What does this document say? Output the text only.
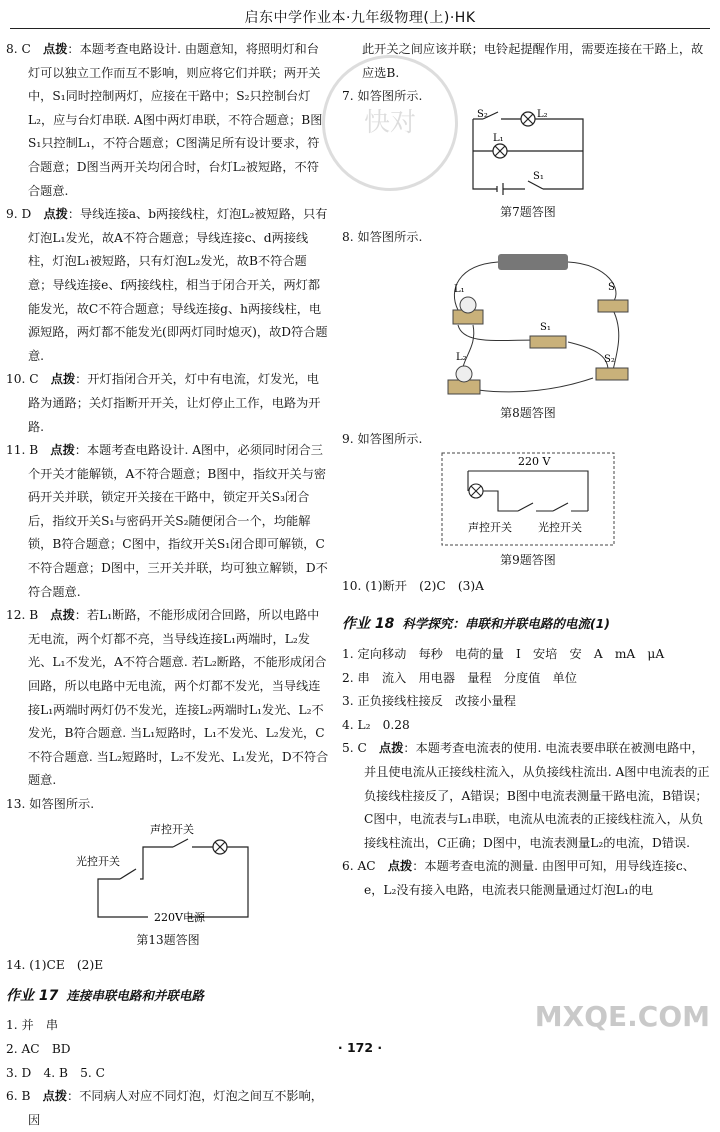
启东中学作业本·九年级物理(上)·HK
快对

8. C　点拨：本题考查电路设计. 由题意知，将照明灯和台灯可以独立工作而互不影响，则应将它们并联；两开关中，S₁同时控制两灯，应接在干路中；S₂只控制台灯L₂，应与台灯串联. A图中两灯串联，不符合题意；B图S₁只控制L₁，不符合题意；C图满足所有设计要求，符合题意；D图当两开关均闭合时，台灯L₂被短路，不符合题意.

9. D　点拨：导线连接a、b两接线柱，灯泡L₂被短路，只有灯泡L₁发光，故A不符合题意；导线连接c、d两接线柱，灯泡L₁被短路，只有灯泡L₂发光，故B不符合题意；导线连接e、f两接线柱，相当于闭合开关，两灯都能发光，故C不符合题意；导线连接g、h两接线柱，电源短路，两灯都不能发光(即两灯同时熄灭)，故D符合题意.

10. C　点拨：开灯指闭合开关，灯中有电流，灯发光，电路为通路；关灯指断开开关，让灯停止工作，电路为开路.

11. B　点拨：本题考查电路设计. A图中，必须同时闭合三个开关才能解锁，A不符合题意；B图中，指纹开关与密码开关并联，锁定开关接在干路中，锁定开关S₃闭合后，指纹开关S₁与密码开关S₂随便闭合一个，均能解锁，B符合题意；C图中，指纹开关S₁闭合即可解锁，C不符合题意；D图中，三开关并联，均可独立解锁，D不符合题意.

12. B　点拨：若L₁断路，不能形成闭合回路，所以电路中无电流，两个灯都不亮，当导线连接L₁两端时，L₂发光、L₁不发光，A不符合题意. 若L₂断路，不能形成闭合回路，所以电路中无电流，两个灯都不发光，当导线连接L₁两端时两灯仍不发光，连接L₂两端时L₁发光、L₂不发光，B符合题意. 当L₁短路时，L₁不发光、L₂发光，C不符合题意. 当L₂短路时，L₂不发光、L₁发光，D不符合题意.

13. 如答图所示.

声控开关
光控开关
220V电源
第13题答图

14. (1)CE　(2)E

作业 17 连接串联电路和并联电路

1. 并　串

2. AC　BD

3. D　4. B　5. C

6. B　点拨：不同病人对应不同灯泡，灯泡之间互不影响，因

此开关之间应该并联；电铃起提醒作用，需要连接在干路上，故应选B.

7. 如答图所示.

S₂	L₂
L₁
S₁
第7题答图

8. 如答图所示.

L₁	S
S₁
L₂	S₂
第8题答图

9. 如答图所示.

220 V
声控开关 光控开关
第9题答图

10. (1)断开　(2)C　(3)A

作业 18 科学探究：串联和并联电路的电流(1)

1. 定向移动　每秒　电荷的量　I　安培　安　A　mA　μA

2. 串　流入　用电器　量程　分度值　单位

3. 正负接线柱接反　改接小量程

4. L₂　0.28

5. C　点拨：本题考查电流表的使用. 电流表要串联在被测电路中，并且使电流从正接线柱流入，从负接线柱流出. A图中电流表的正负接线柱接反了，A错误；B图中电流表测量干路电流，B错误；C图中，电流表与L₁串联，电流从电流表的正接线柱流入，从负接线柱流出，C正确；D图中，电流表测量L₂的电流，D错误.

6. AC　点拨：本题考查电流的测量. 由图甲可知，用导线连接c、e，L₂没有接入电路，电流表只能测量通过灯泡L₁的电

· 172 ·
MXQE.COM
